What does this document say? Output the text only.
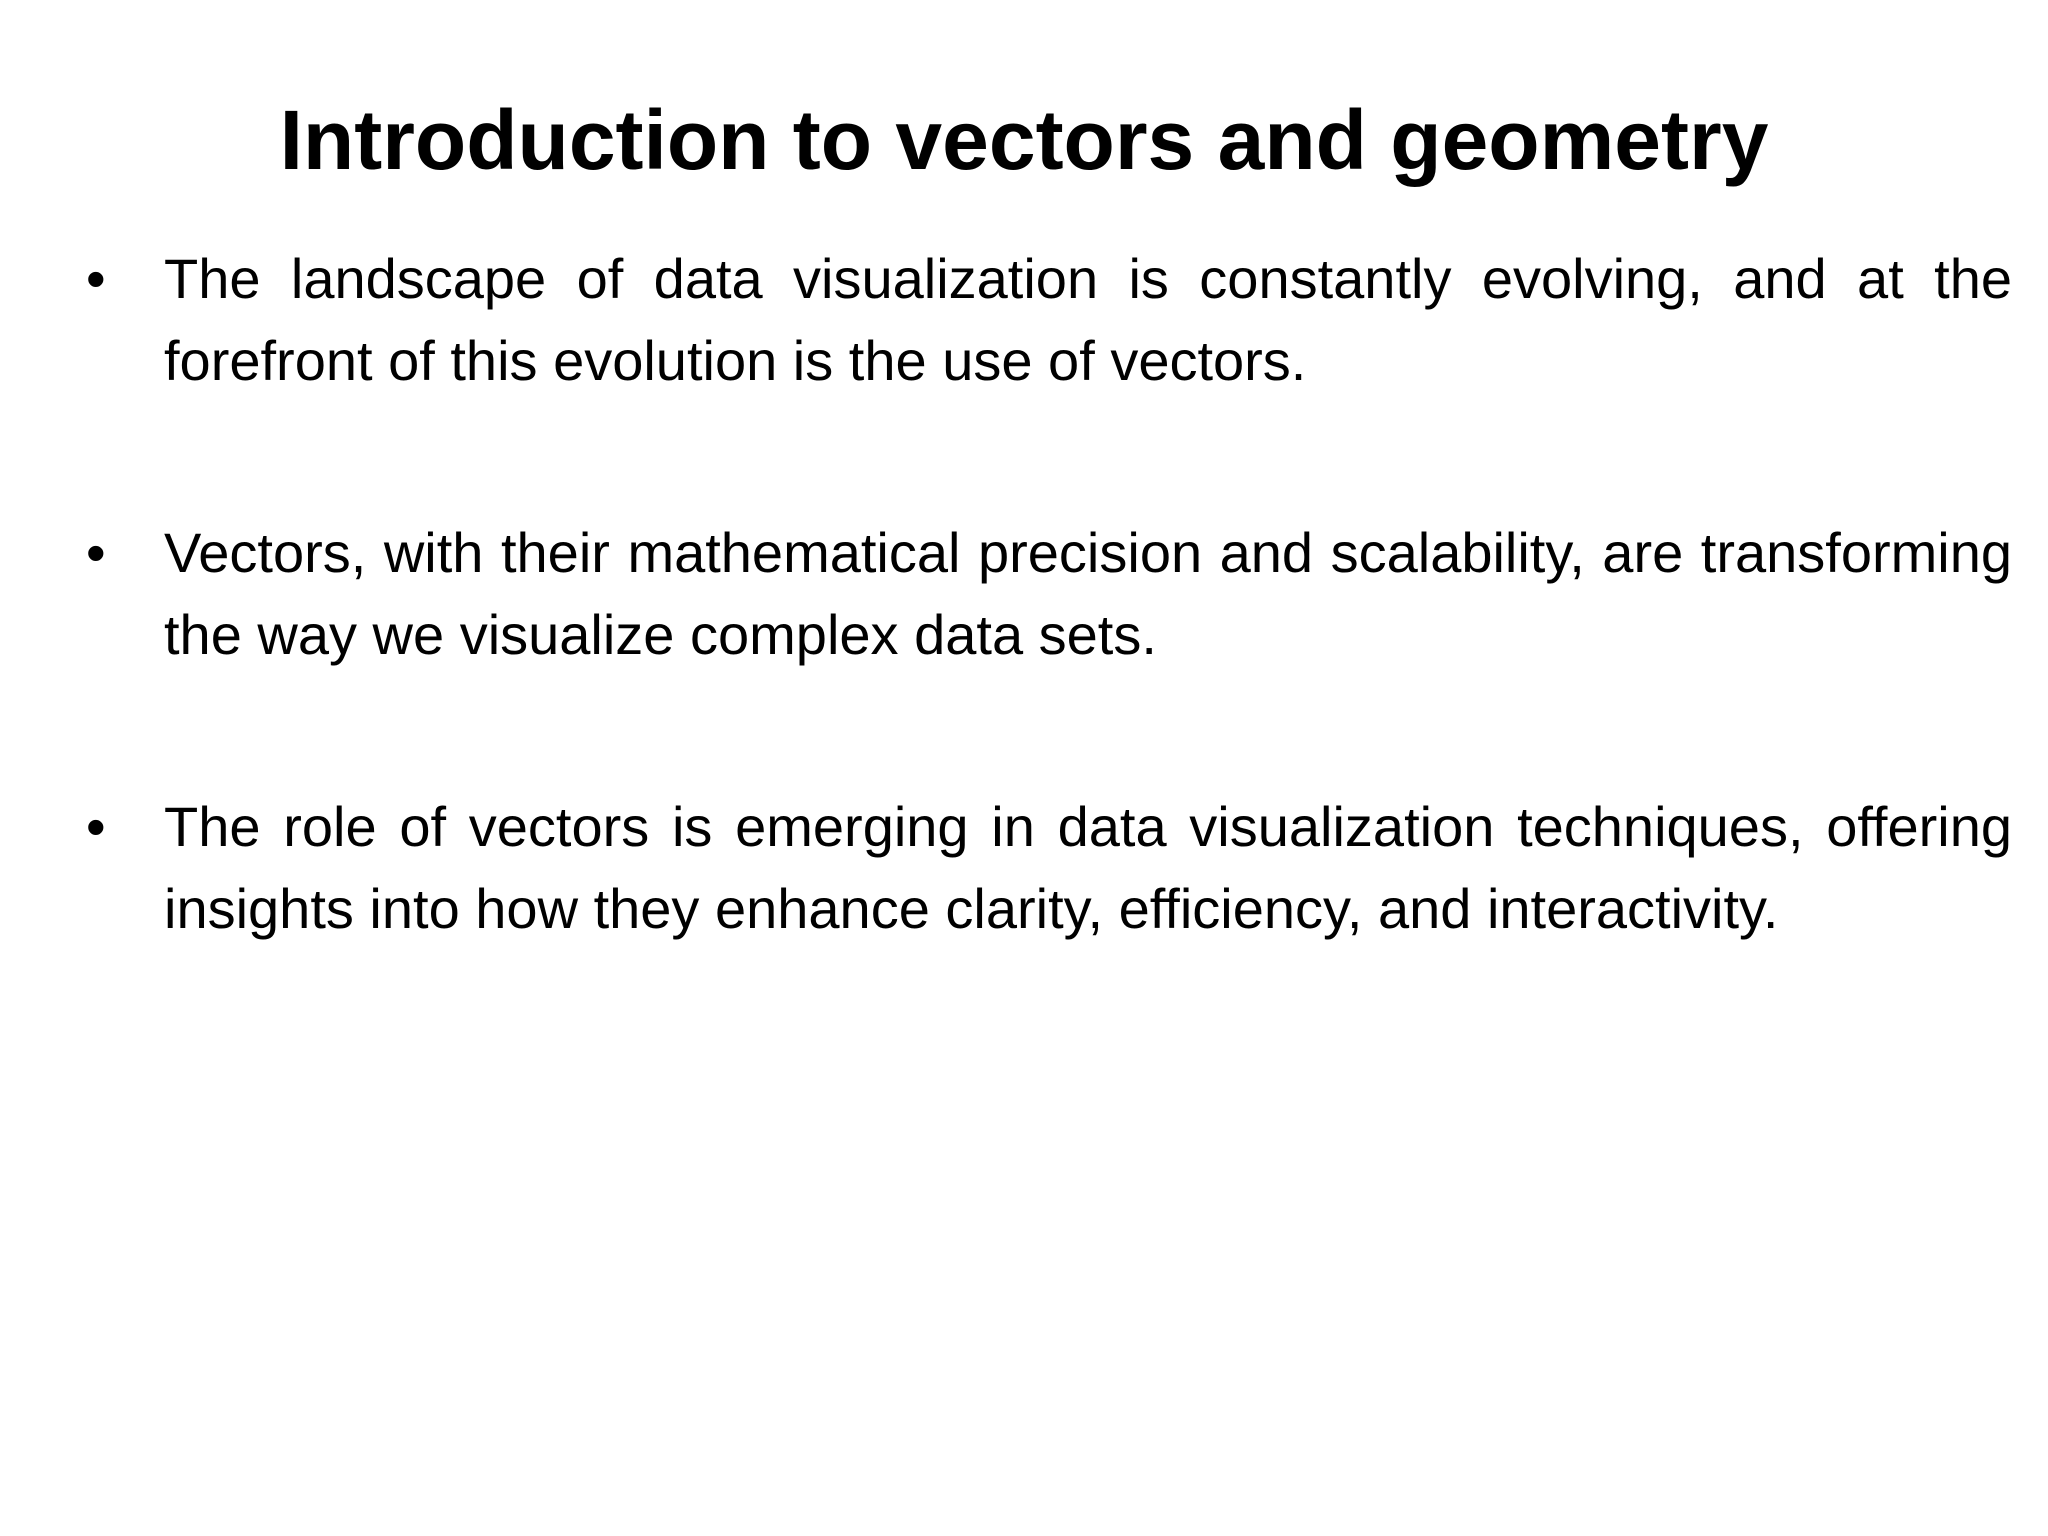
Introduction to vectors and geometry
• The landscape of data visualization is constantly evolving, and at the forefront of this evolution is the use of vectors.
• Vectors, with their mathematical precision and scalability, are transforming the way we visualize complex data sets.
• The role of vectors is emerging in data visualization techniques, offering insights into how they enhance clarity, efficiency, and interactivity.
